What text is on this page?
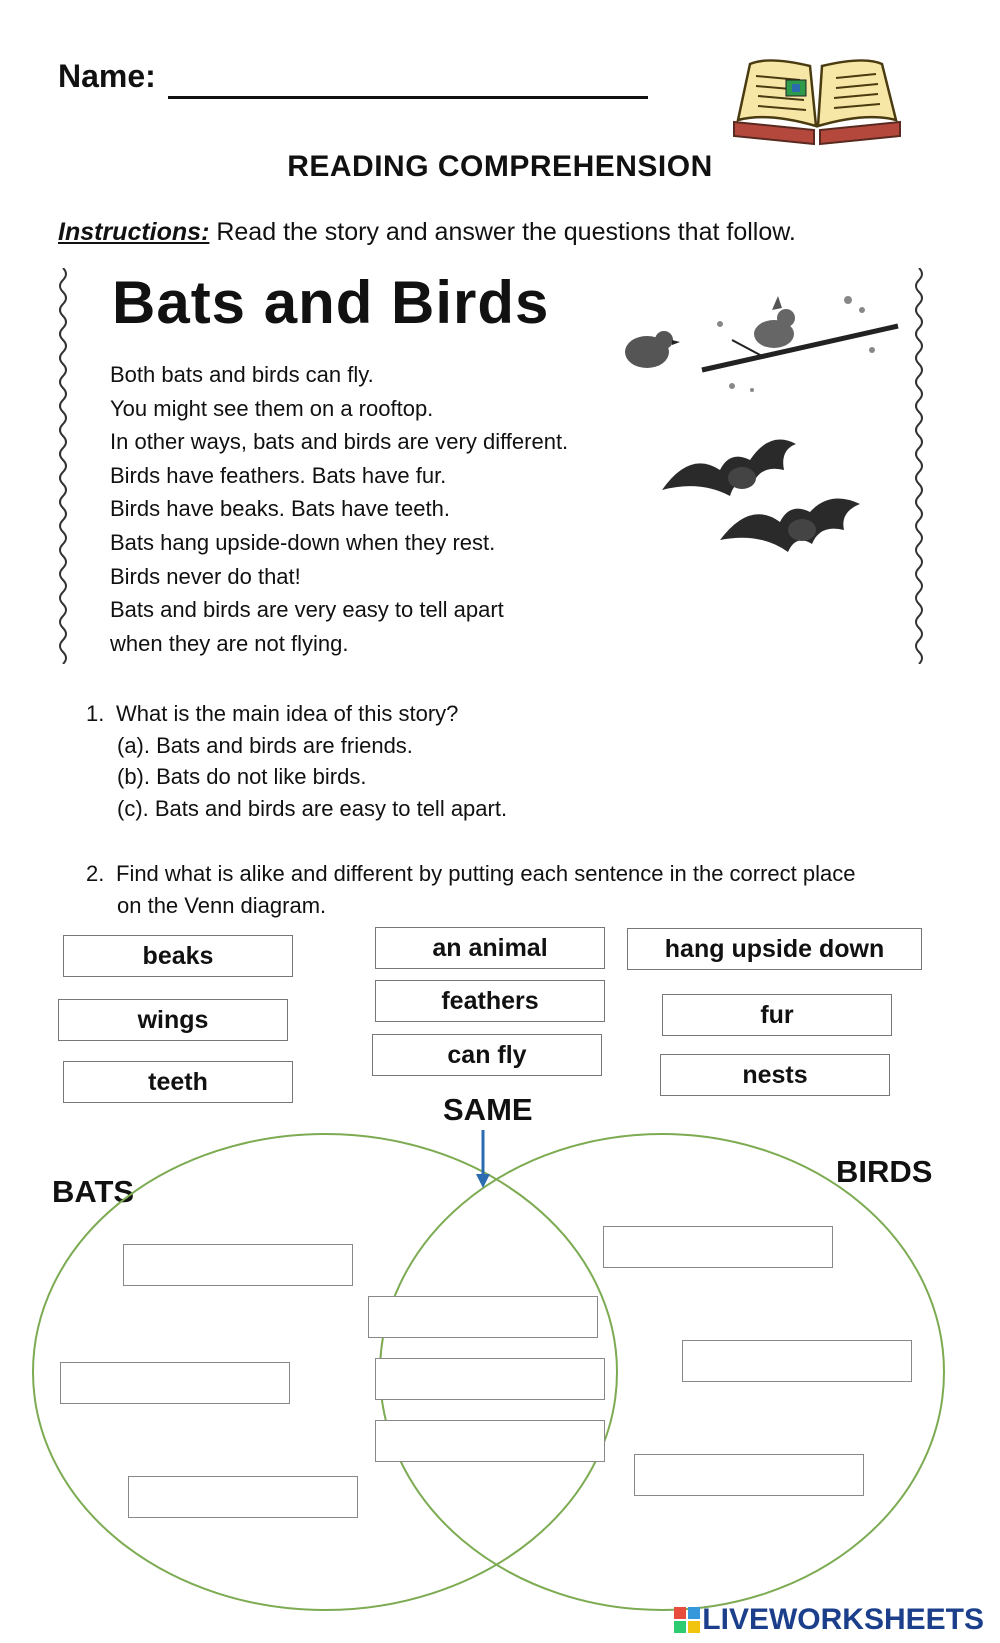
Name:
READING COMPREHENSION
Instructions: Read the story and answer the questions that follow.
Bats and Birds
Both bats and birds can fly.
You might see them on a rooftop.
In other ways, bats and birds are very different.
Birds have feathers. Bats have fur.
Birds have beaks. Bats have teeth.
Bats hang upside-down when they rest.
Birds never do that!
Bats and birds are very easy to tell apart
when they are not flying.
1. What is the main idea of this story?
(a). Bats and birds are friends.
(b). Bats do not like birds.
(c). Bats and birds are easy to tell apart.
2. Find what is alike and different by putting each sentence in the correct place
on the Venn diagram.
beaks
wings
teeth
an animal
feathers
can fly
hang upside down
fur
nests
SAME
BATS
BIRDS
LIVEWORKSHEETS
